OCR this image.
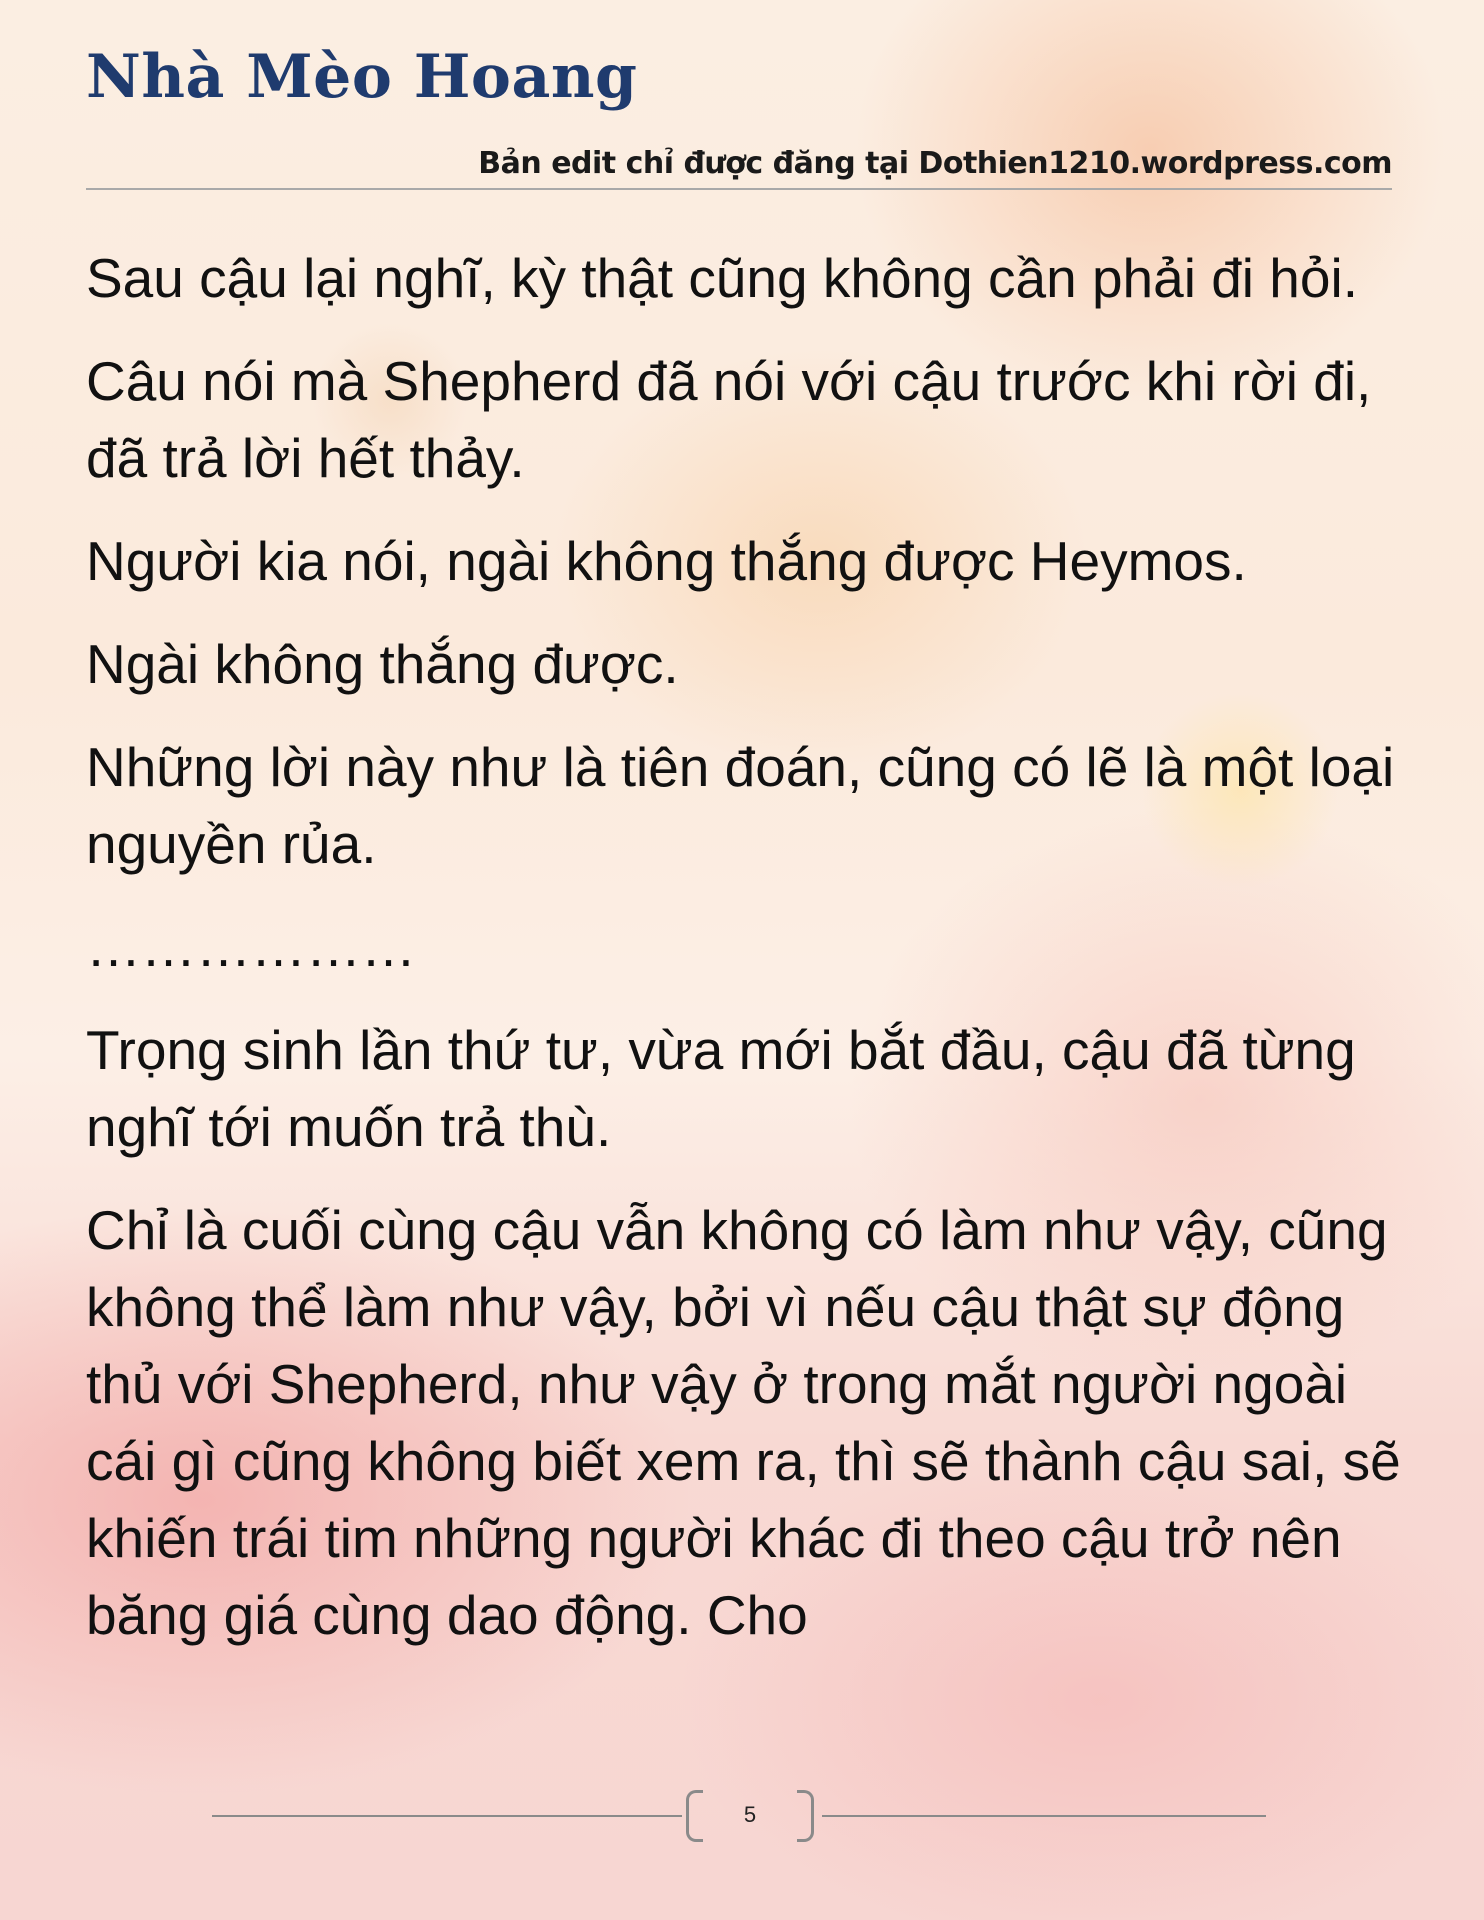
Nhà Mèo Hoang
Bản edit chỉ được đăng tại Dothien1210.wordpress.com

Sau cậu lại nghĩ, kỳ thật cũng không cần phải đi hỏi.

Câu nói mà Shepherd đã nói với cậu trước khi rời đi, đã trả lời hết thảy.

Người kia nói, ngài không thắng được Heymos.

Ngài không thắng được.

Những lời này như là tiên đoán, cũng có lẽ là một loại nguyền rủa.

………………

Trọng sinh lần thứ tư, vừa mới bắt đầu, cậu đã từng nghĩ tới muốn trả thù.

Chỉ là cuối cùng cậu vẫn không có làm như vậy, cũng không thể làm như vậy, bởi vì nếu cậu thật sự động thủ với Shepherd, như vậy ở trong mắt người ngoài cái gì cũng không biết xem ra, thì sẽ thành cậu sai, sẽ khiến trái tim những người khác đi theo cậu trở nên băng giá cùng dao động. Cho

5
